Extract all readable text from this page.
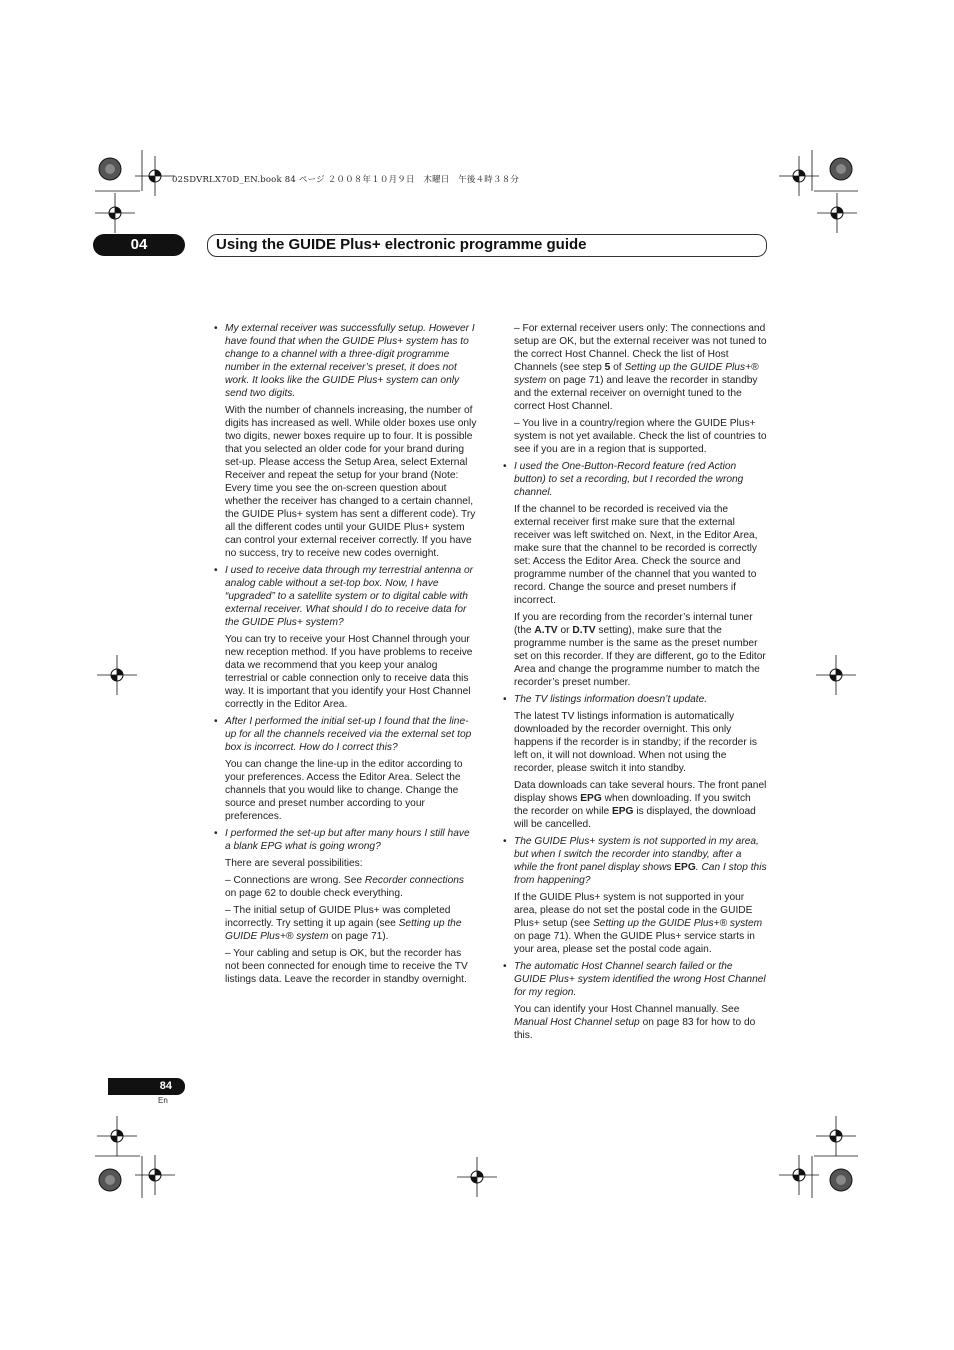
02SDVRLX70D_EN.book 84 ページ ２００８年１０月９日　木曜日　午後４時３８分
04	Using the GUIDE Plus+ electronic programme guide
• My external receiver was successfully setup. However I have found that when the GUIDE Plus+ system has to change to a channel with a three-digit programme number in the external receiver’s preset, it does not work. It looks like the GUIDE Plus+ system can only send two digits.
With the number of channels increasing, the number of digits has increased as well. While older boxes use only two digits, newer boxes require up to four. It is possible that you selected an older code for your brand during set-up. Please access the Setup Area, select External Receiver and repeat the setup for your brand (Note: Every time you see the on-screen question about whether the receiver has changed to a certain channel, the GUIDE Plus+ system has sent a different code). Try all the different codes until your GUIDE Plus+ system can control your external receiver correctly. If you have no success, try to receive new codes overnight.
• I used to receive data through my terrestrial antenna or analog cable without a set-top box. Now, I have “upgraded” to a satellite system or to digital cable with external receiver. What should I do to receive data for the GUIDE Plus+ system?
You can try to receive your Host Channel through your new reception method. If you have problems to receive data we recommend that you keep your analog terrestrial or cable connection only to receive data this way. It is important that you identify your Host Channel correctly in the Editor Area.
• After I performed the initial set-up I found that the line-up for all the channels received via the external set top box is incorrect. How do I correct this?
You can change the line-up in the editor according to your preferences. Access the Editor Area. Select the channels that you would like to change. Change the source and preset number according to your preferences.
• I performed the set-up but after many hours I still have a blank EPG what is going wrong?
There are several possibilities:
– Connections are wrong. See Recorder connections on page 62 to double check everything.
– The initial setup of GUIDE Plus+ was completed incorrectly. Try setting it up again (see Setting up the GUIDE Plus+® system on page 71).
– Your cabling and setup is OK, but the recorder has not been connected for enough time to receive the TV listings data. Leave the recorder in standby overnight.
– For external receiver users only: The connections and setup are OK, but the external receiver was not tuned to the correct Host Channel. Check the list of Host Channels (see step 5 of Setting up the GUIDE Plus+® system on page 71) and leave the recorder in standby and the external receiver on overnight tuned to the correct Host Channel.
– You live in a country/region where the GUIDE Plus+ system is not yet available. Check the list of countries to see if you are in a region that is supported.
• I used the One-Button-Record feature (red Action button) to set a recording, but I recorded the wrong channel.
If the channel to be recorded is received via the external receiver first make sure that the external receiver was left switched on. Next, in the Editor Area, make sure that the channel to be recorded is correctly set: Access the Editor Area. Check the source and programme number of the channel that you wanted to record. Change the source and preset numbers if incorrect.
If you are recording from the recorder’s internal tuner (the A.TV or D.TV setting), make sure that the programme number is the same as the preset number set on this recorder. If they are different, go to the Editor Area and change the programme number to match the recorder’s preset number.
• The TV listings information doesn’t update.
The latest TV listings information is automatically downloaded by the recorder overnight. This only happens if the recorder is in standby; if the recorder is left on, it will not download. When not using the recorder, please switch it into standby.
Data downloads can take several hours. The front panel display shows EPG when downloading. If you switch the recorder on while EPG is displayed, the download will be cancelled.
• The GUIDE Plus+ system is not supported in my area, but when I switch the recorder into standby, after a while the front panel display shows EPG. Can I stop this from happening?
If the GUIDE Plus+ system is not supported in your area, please do not set the postal code in the GUIDE Plus+ setup (see Setting up the GUIDE Plus+® system on page 71). When the GUIDE Plus+ service starts in your area, please set the postal code again.
• The automatic Host Channel search failed or the GUIDE Plus+ system identified the wrong Host Channel for my region.
You can identify your Host Channel manually. See Manual Host Channel setup on page 83 for how to do this.
84
En
